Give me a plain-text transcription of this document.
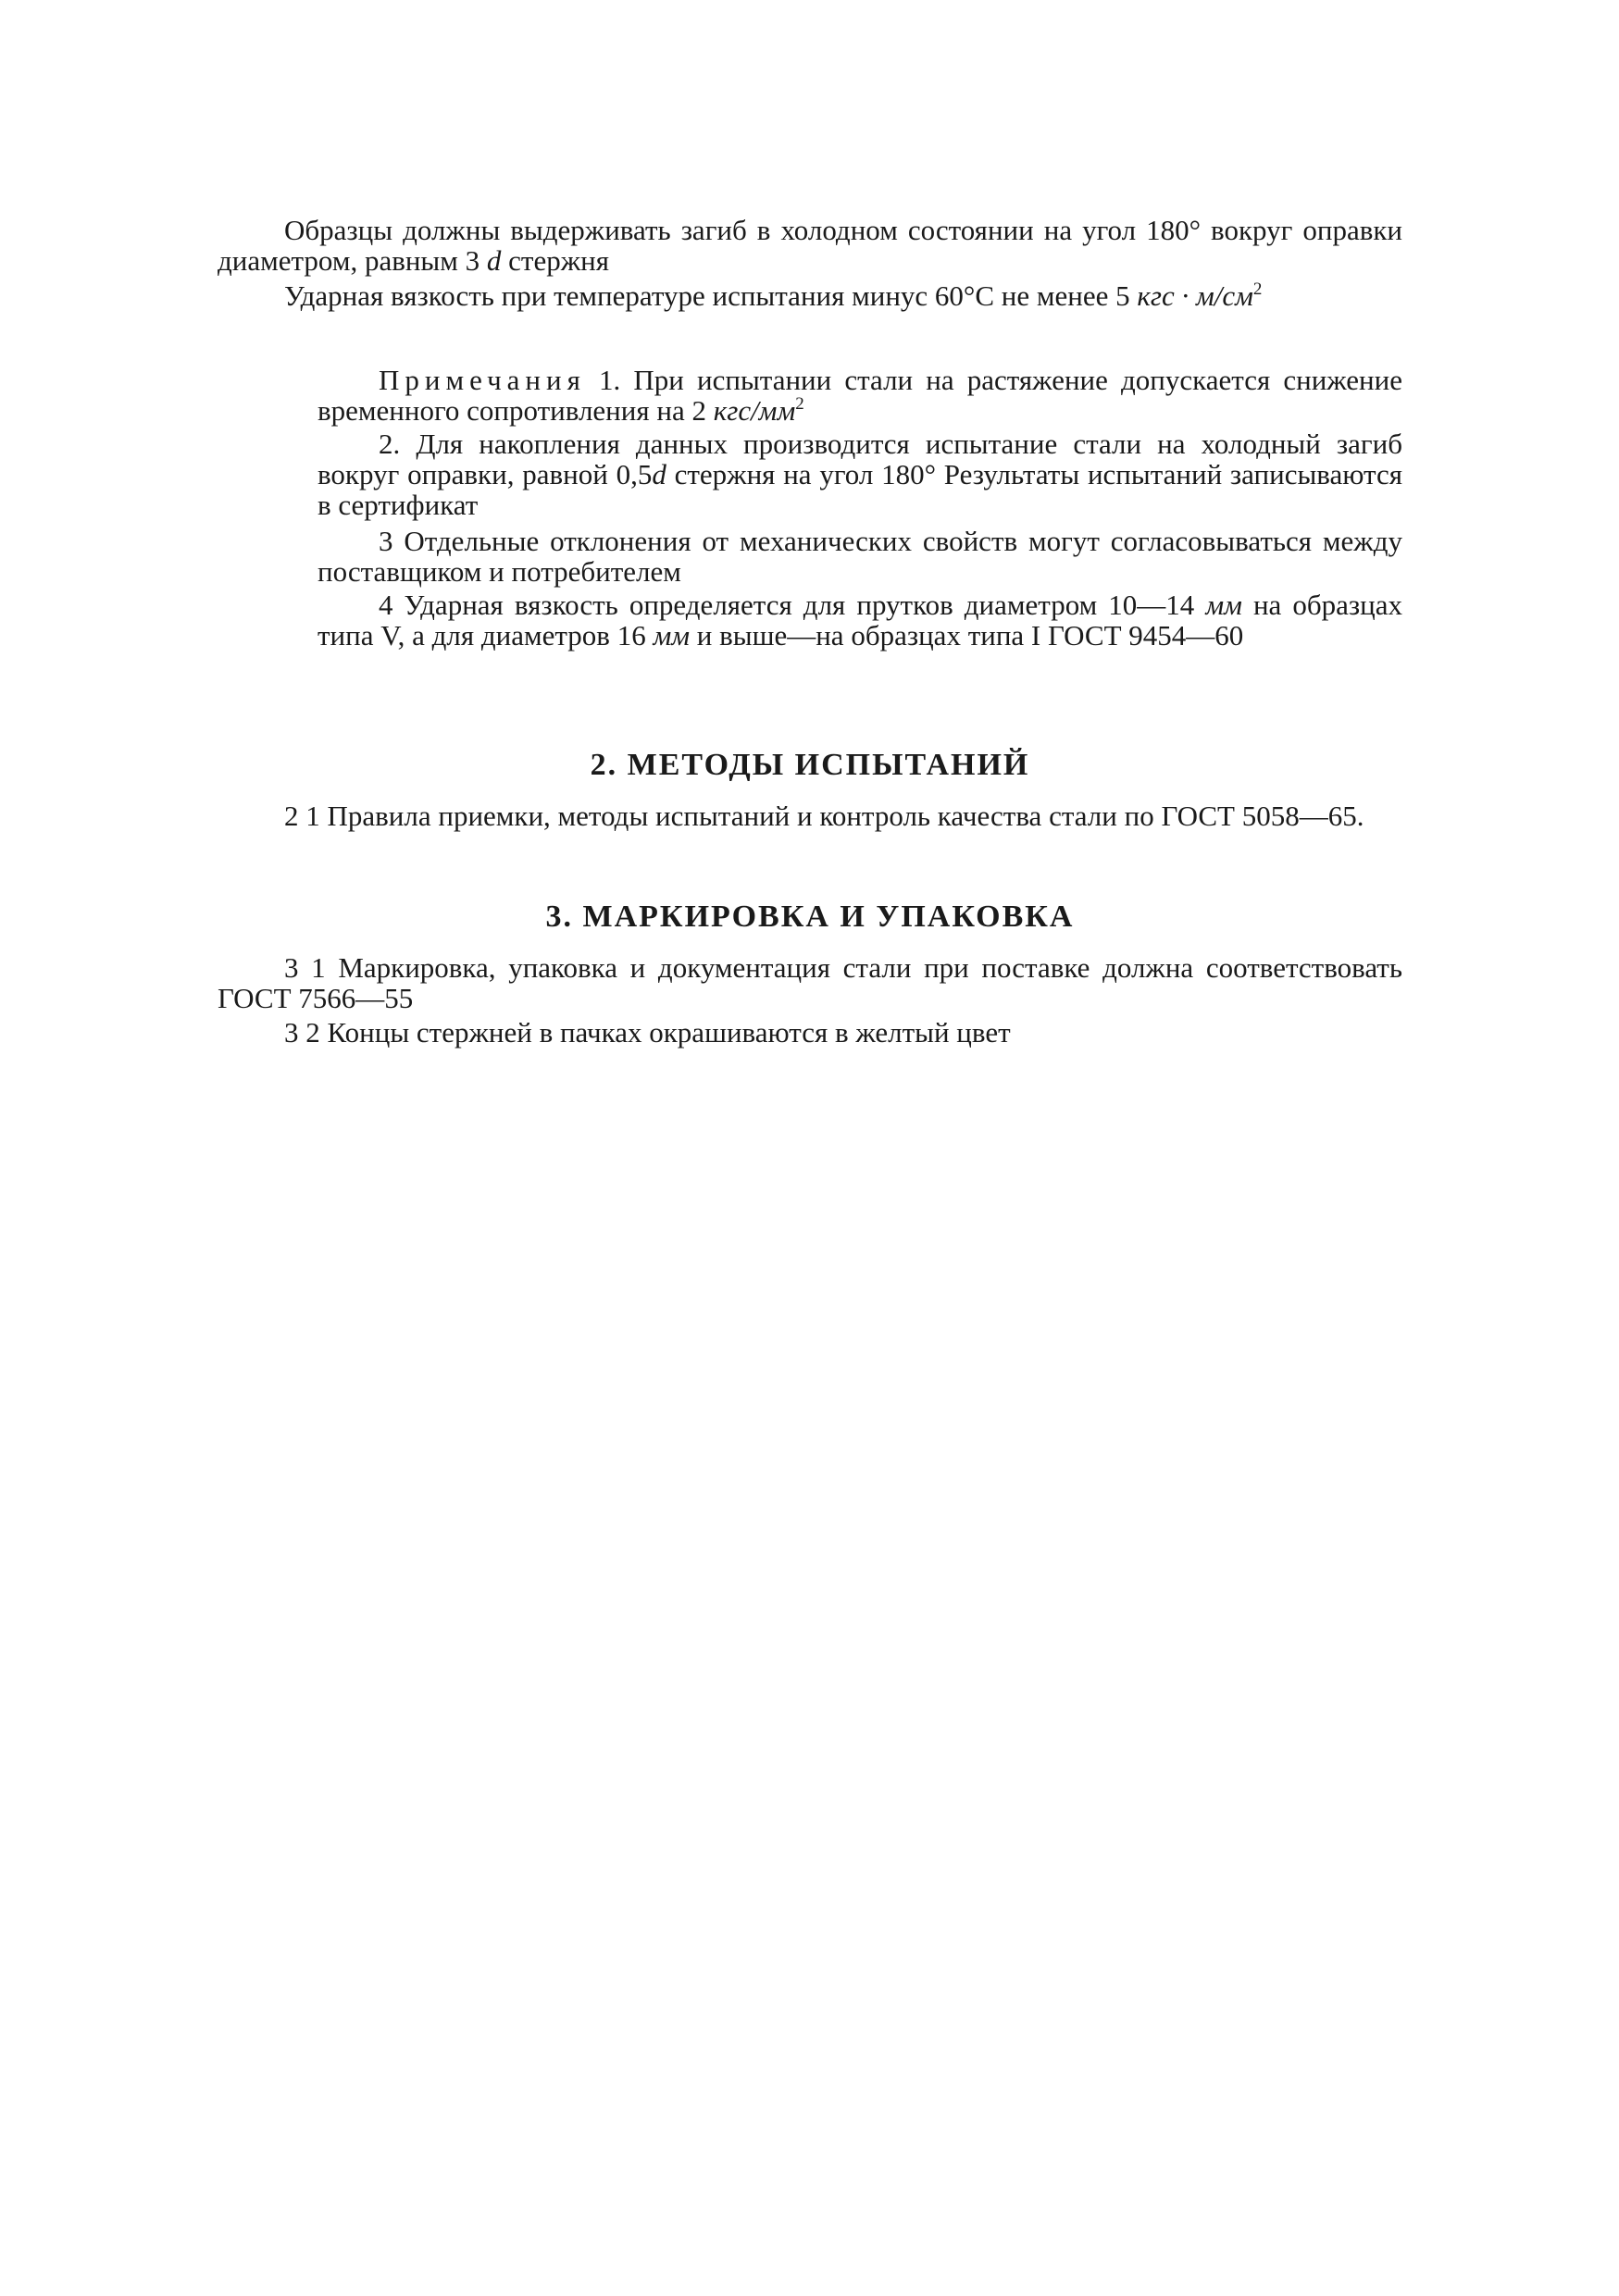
Образцы должны выдерживать загиб в холодном состоянии на угол 180° вокруг оправки диаметром, равным 3 d стержня

Ударная вязкость при температуре испытания минус 60°С не менее 5 кгс · $м/см^2$

Примечания 1. При испытании стали на растяжение допускается снижение временного сопротивления на 2 кгс/$мм^2$

2. Для накопления данных производится испытание стали на холодный загиб вокруг оправки, равной 0,5d стержня на угол 180° Результаты испытаний записываются в сертификат

3 Отдельные отклонения от механических свойств могут согласовываться между поставщиком и потребителем

4 Ударная вязкость определяется для прутков диаметром 10—14 мм на образцах типа V, а для диаметров 16 мм и выше—на образцах типа I ГОСТ 9454—60

2. МЕТОДЫ ИСПЫТАНИЙ

2 1 Правила приемки, методы испытаний и контроль качества стали по ГОСТ 5058—65.

3. МАРКИРОВКА И УПАКОВКА

3 1 Маркировка, упаковка и документация стали при поставке должна соответствовать ГОСТ 7566—55

3 2 Концы стержней в пачках окрашиваются в желтый цвет
